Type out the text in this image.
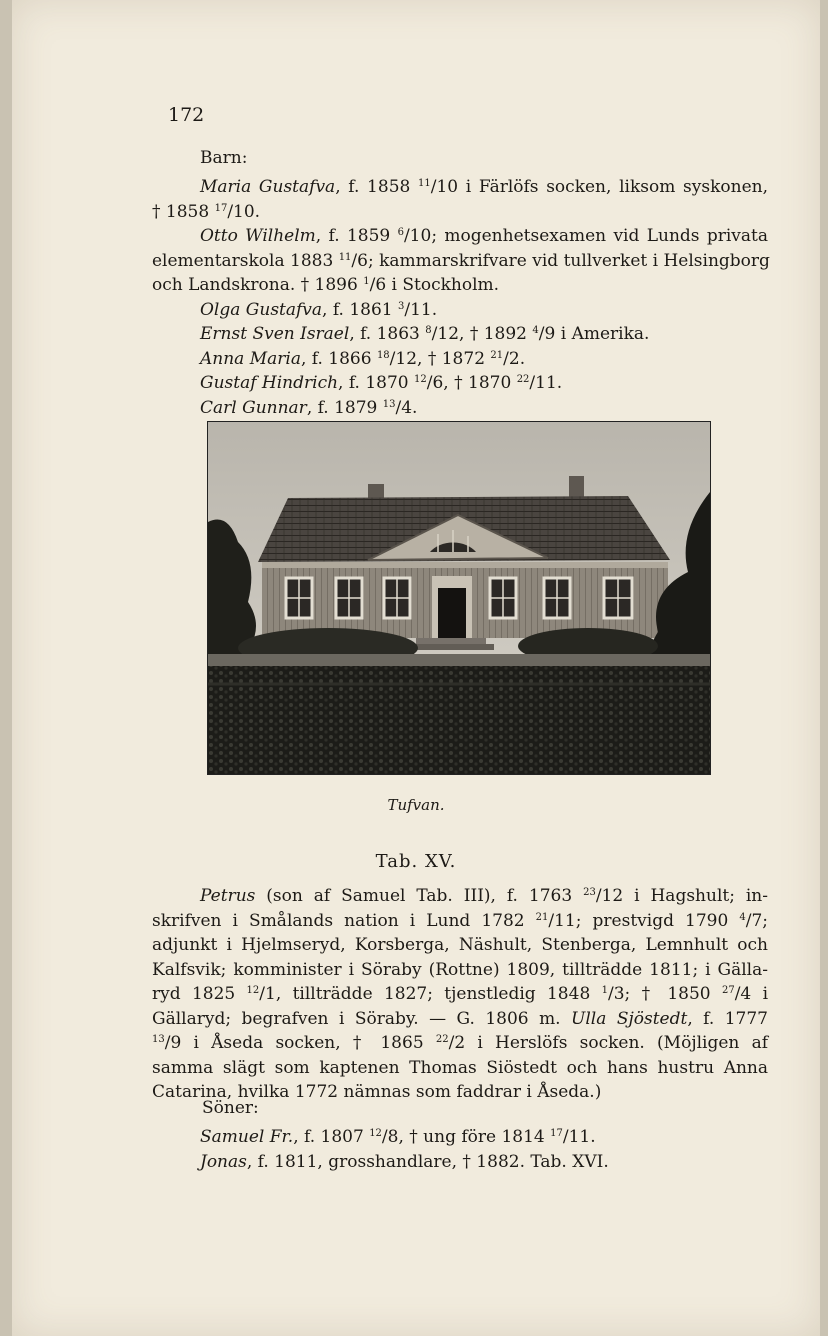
172
Barn:
Maria Gustafva, f. 1858 $^{11}$/10 i Färlöfs socken, liksom syskonen,
† 1858 $^{17}$/10.
Otto Wilhelm, f. 1859 $^6$/10; mogenhetsexamen vid Lunds privata
elementarskola 1883 $^{11}$/6; kammarskrifvare vid tullverket i Helsingborg
och Landskrona. † 1896 $^1$/6 i Stockholm.
Olga Gustafva, f. 1861 $^3$/11.
Ernst Sven Israel, f. 1863 $^8$/12, † 1892 $^4$/9 i Amerika.
Anna Maria, f. 1866 $^{18}$/12, † 1872 $^{21}$/2.
Gustaf Hindrich, f. 1870 $^{12}$/6, † 1870 $^{22}$/11.
Carl Gunnar, f. 1879 $^{13}$/4.
Tufvan.
Tab. XV.
Petrus (son af Samuel Tab. III), f. 1763 $^{23}$/12 i Hagshult; in-
skrifven i Smålands nation i Lund 1782 $^{21}$/11; prestvigd 1790 $^4$/7;
adjunkt i Hjelmseryd, Korsberga, Näshult, Stenberga, Lemnhult och
Kalfsvik; komminister i Söraby (Rottne) 1809, tillträdde 1811; i Gälla-
ryd 1825 $^{12}$/1, tillträdde 1827; tjenstledig 1848 $^1$/3; † 1850 $^{27}$/4 i
Gällaryd; begrafven i Söraby. — G. 1806 m. Ulla Sjöstedt, f. 1777
$^{13}$/9 i Åseda socken, † 1865 $^{22}$/2 i Herslöfs socken. (Möjligen af
samma slägt som kaptenen Thomas Siöstedt och hans hustru Anna
Catarina, hvilka 1772 nämnas som faddrar i Åseda.)
Söner:
Samuel Fr., f. 1807 $^{12}$/8, † ung före 1814 $^{17}$/11.
Jonas, f. 1811, grosshandlare, † 1882. Tab. XVI.
